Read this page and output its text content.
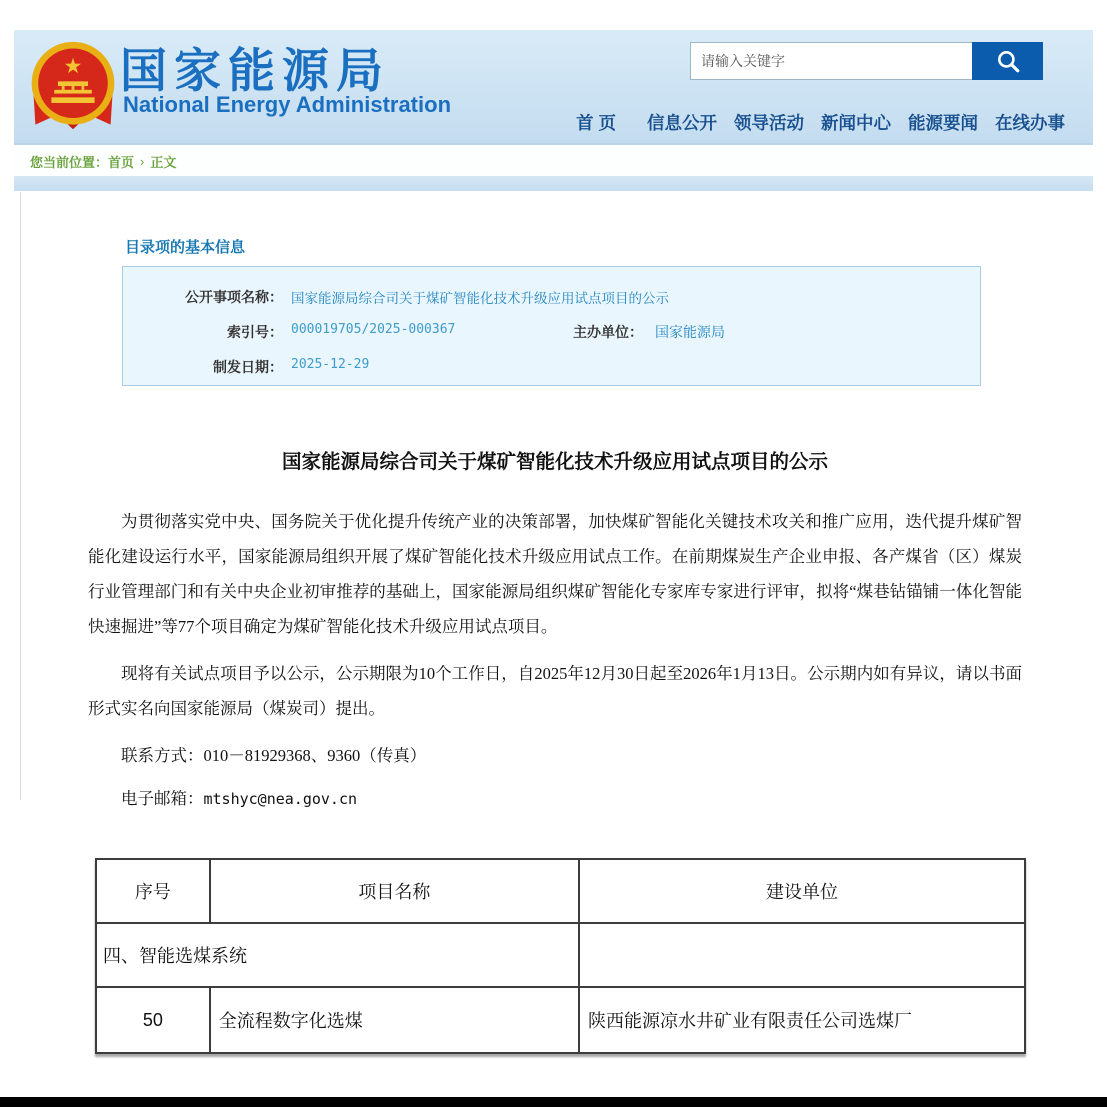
国家能源局
National Energy Administration
请输入关键字
首 页 信息公开 领导活动 新闻中心 能源要闻 在线办事
您当前位置： 首页 › 正文
目录项的基本信息
公开事项名称： 国家能源局综合司关于煤矿智能化技术升级应用试点项目的公示
索引号： 000019705/2025-000367	主办单位： 国家能源局
制发日期： 2025-12-29
国家能源局综合司关于煤矿智能化技术升级应用试点项目的公示

为贯彻落实党中央、国务院关于优化提升传统产业的决策部署，加快煤矿智能化关键技术攻关和推广应用，迭代提升煤矿智能化建设运行水平，国家能源局组织开展了煤矿智能化技术升级应用试点工作。在前期煤炭生产企业申报、各产煤省（区）煤炭行业管理部门和有关中央企业初审推荐的基础上，国家能源局组织煤矿智能化专家库专家进行评审，拟将“煤巷钻锚铺一体化智能快速掘进”等77个项目确定为煤矿智能化技术升级应用试点项目。

现将有关试点项目予以公示，公示期限为10个工作日，自2025年12月30日起至2026年1月13日。公示期内如有异议，请以书面形式实名向国家能源局（煤炭司）提出。

联系方式：010－81929368、9360（传真）

电子邮箱：mtshyc@nea.gov.cn

序号	项目名称	建设单位
四、智能选煤系统		
50	全流程数字化选煤	陕西能源凉水井矿业有限责任公司选煤厂
